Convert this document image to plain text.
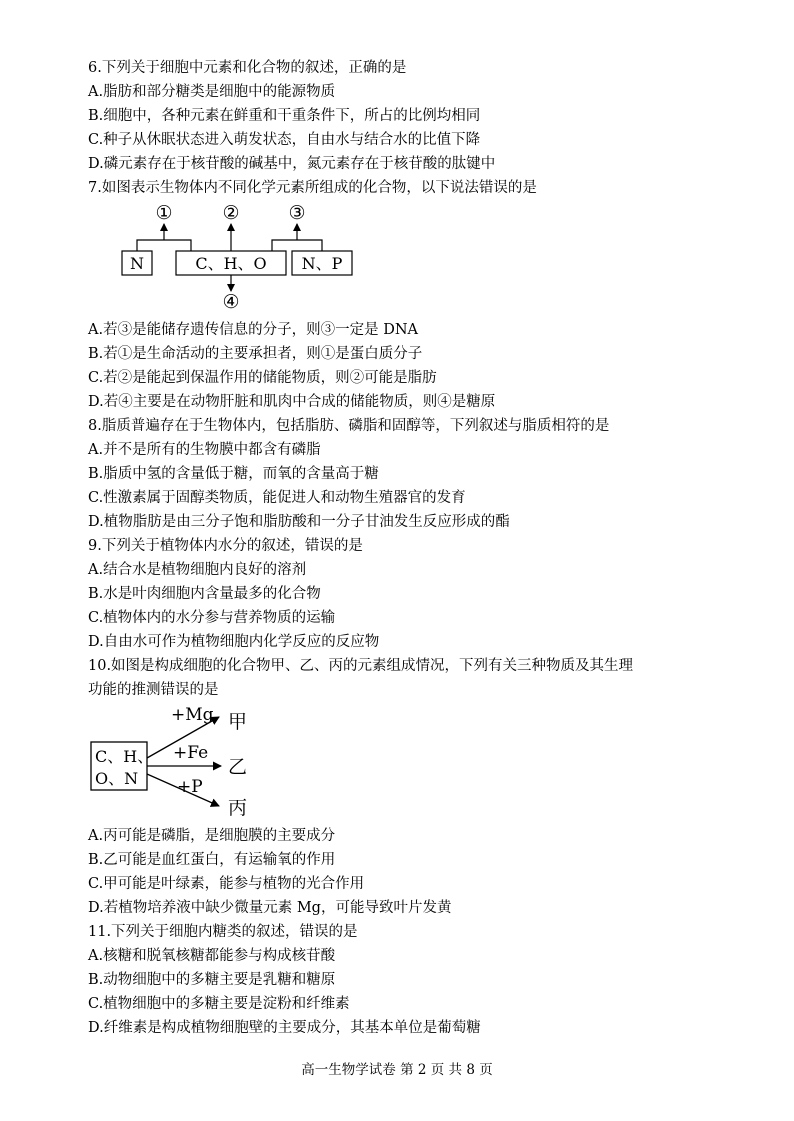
6.下列关于细胞中元素和化合物的叙述，正确的是
A.脂肪和部分糖类是细胞中的能源物质
B.细胞中，各种元素在鲜重和干重条件下，所占的比例均相同
C.种子从休眠状态进入萌发状态，自由水与结合水的比值下降
D.磷元素存在于核苷酸的碱基中，氮元素存在于核苷酸的肽键中
7.如图表示生物体内不同化学元素所组成的化合物，以下说法错误的是
N	C、H、O N、P
①	②	③
④
A.若③是能储存遗传信息的分子，则③一定是 DNA
B.若①是生命活动的主要承担者，则①是蛋白质分子
C.若②是能起到保温作用的储能物质，则②可能是脂肪
D.若④主要是在动物肝脏和肌肉中合成的储能物质，则④是糖原
8.脂质普遍存在于生物体内，包括脂肪、磷脂和固醇等，下列叙述与脂质相符的是
A.并不是所有的生物膜中都含有磷脂
B.脂质中氢的含量低于糖，而氧的含量高于糖
C.性激素属于固醇类物质，能促进人和动物生殖器官的发育
D.植物脂肪是由三分子饱和脂肪酸和一分子甘油发生反应形成的酯
9.下列关于植物体内水分的叙述，错误的是
A.结合水是植物细胞内良好的溶剂
B.水是叶肉细胞内含量最多的化合物
C.植物体内的水分参与营养物质的运输
D.自由水可作为植物细胞内化学反应的反应物
10.如图是构成细胞的化合物甲、乙、丙的元素组成情况，下列有关三种物质及其生理
功能的推测错误的是
C、H、
O、N
+Mg
+Fe
+P
甲
乙
丙
A.丙可能是磷脂，是细胞膜的主要成分
B.乙可能是血红蛋白，有运输氧的作用
C.甲可能是叶绿素，能参与植物的光合作用
D.若植物培养液中缺少微量元素 Mg，可能导致叶片发黄
11.下列关于细胞内糖类的叙述，错误的是
A.核糖和脱氧核糖都能参与构成核苷酸
B.动物细胞中的多糖主要是乳糖和糖原
C.植物细胞中的多糖主要是淀粉和纤维素
D.纤维素是构成植物细胞壁的主要成分，其基本单位是葡萄糖
高一生物学试卷 第 2 页 共 8 页
